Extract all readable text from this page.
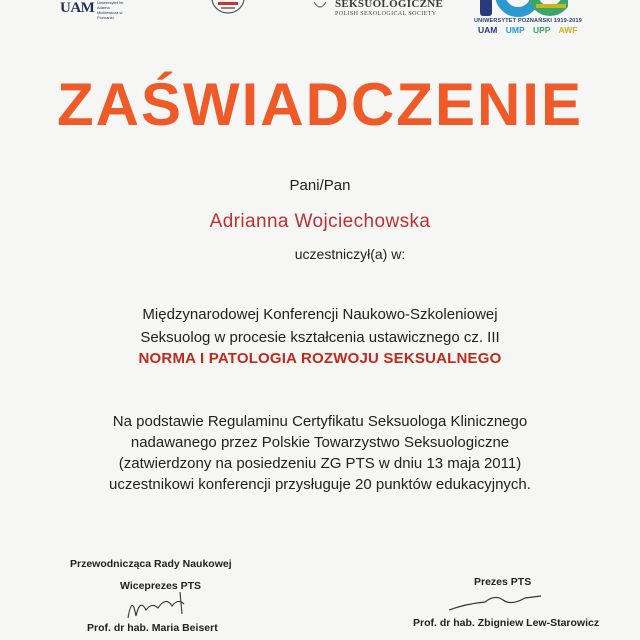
UAM Uniwersytet im. Adama Mickiewicza w Poznaniu
SEKSUOLOGICZNE
POLISH SEXOLOGICAL SOCIETY
UNIWERSYTET POZNAŃSKI 1919-2019
UAM UMP UPP AWF
ZAŚWIADCZENIE
Pani/Pan
Adrianna Wojciechowska
uczestniczył(a) w:
Międzynarodowej Konferencji Naukowo-Szkoleniowej
Seksuolog w procesie kształcenia ustawicznego cz. III
NORMA I PATOLOGIA ROZWOJU SEKSUALNEGO
Na podstawie Regulaminu Certyfikatu Seksuologa Klinicznego
nadawanego przez Polskie Towarzystwo Seksuologiczne
(zatwierdzony na posiedzeniu ZG PTS w dniu 13 maja 2011)
uczestnikowi konferencji przysługuje 20 punktów edukacyjnych.
Przewodnicząca Rady Naukowej
Wiceprezes PTS
Prof. dr hab. Maria Beisert
Prezes PTS
Prof. dr hab. Zbigniew Lew-Starowicz
